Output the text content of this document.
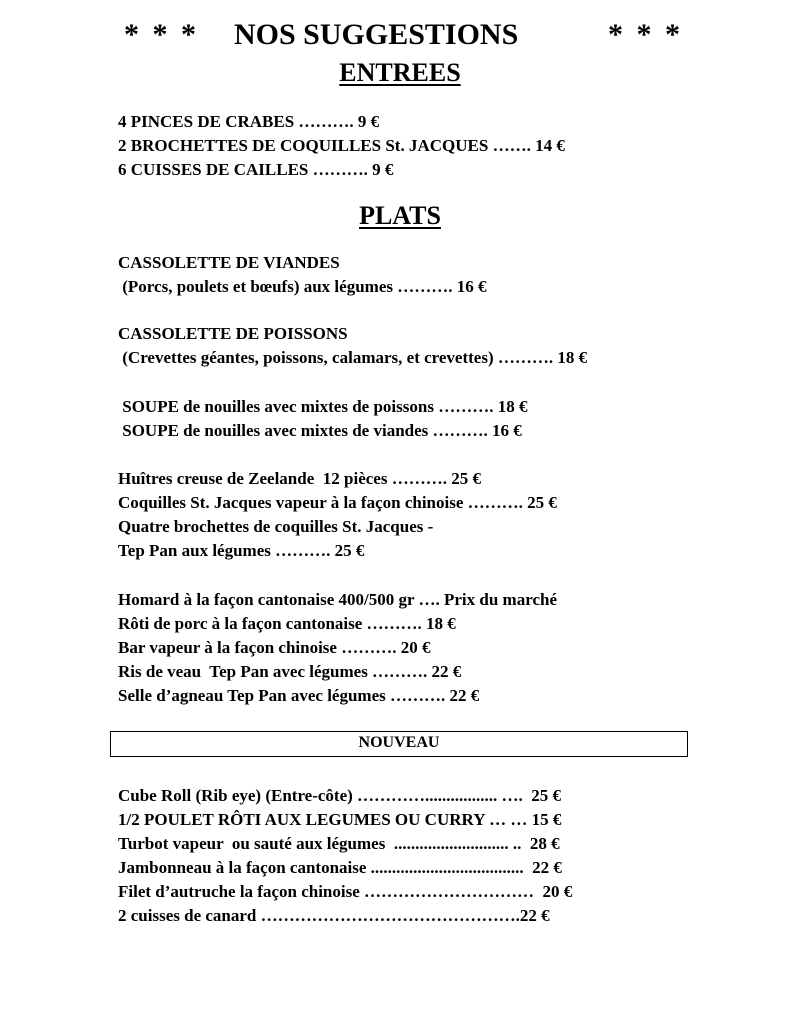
* * * NOS SUGGESTIONS	* * *
ENTREES
4 PINCES DE CRABES ………. 9 €
2 BROCHETTES DE COQUILLES St. JACQUES ……. 14 €
6 CUISSES DE CAILLES ………. 9 €
PLATS
CASSOLETTE DE VIANDES
(Porcs, poulets et bœufs) aux légumes ………. 16 €
CASSOLETTE DE POISSONS
(Crevettes géantes, poissons, calamars, et crevettes) ………. 18 €
SOUPE de nouilles avec mixtes de poissons ………. 18 €
SOUPE de nouilles avec mixtes de viandes ………. 16 €
Huîtres creuse de Zeelande  12 pièces ………. 25 €
Coquilles St. Jacques vapeur à la façon chinoise ………. 25 €
Quatre brochettes de coquilles St. Jacques -
Tep Pan aux légumes ………. 25 €
Homard à la façon cantonaise 400/500 gr …. Prix du marché
Rôti de porc à la façon cantonaise ………. 18 €
Bar vapeur à la façon chinoise ………. 20 €
Ris de veau  Tep Pan avec légumes ………. 22 €
Selle d’agneau Tep Pan avec légumes ………. 22 €
NOUVEAU
Cube Roll (Rib eye) (Entre-côte) …………................. ….  25 €
1/2 POULET RÔTI AUX LEGUMES OU CURRY … … 15 €
Turbot vapeur  ou sauté aux légumes  ........................... ..  28 €
Jambonneau à la façon cantonaise ....................................  22 €
Filet d’autruche la façon chinoise …………………………  20 €
2 cuisses de canard ……………………………………….22 €
